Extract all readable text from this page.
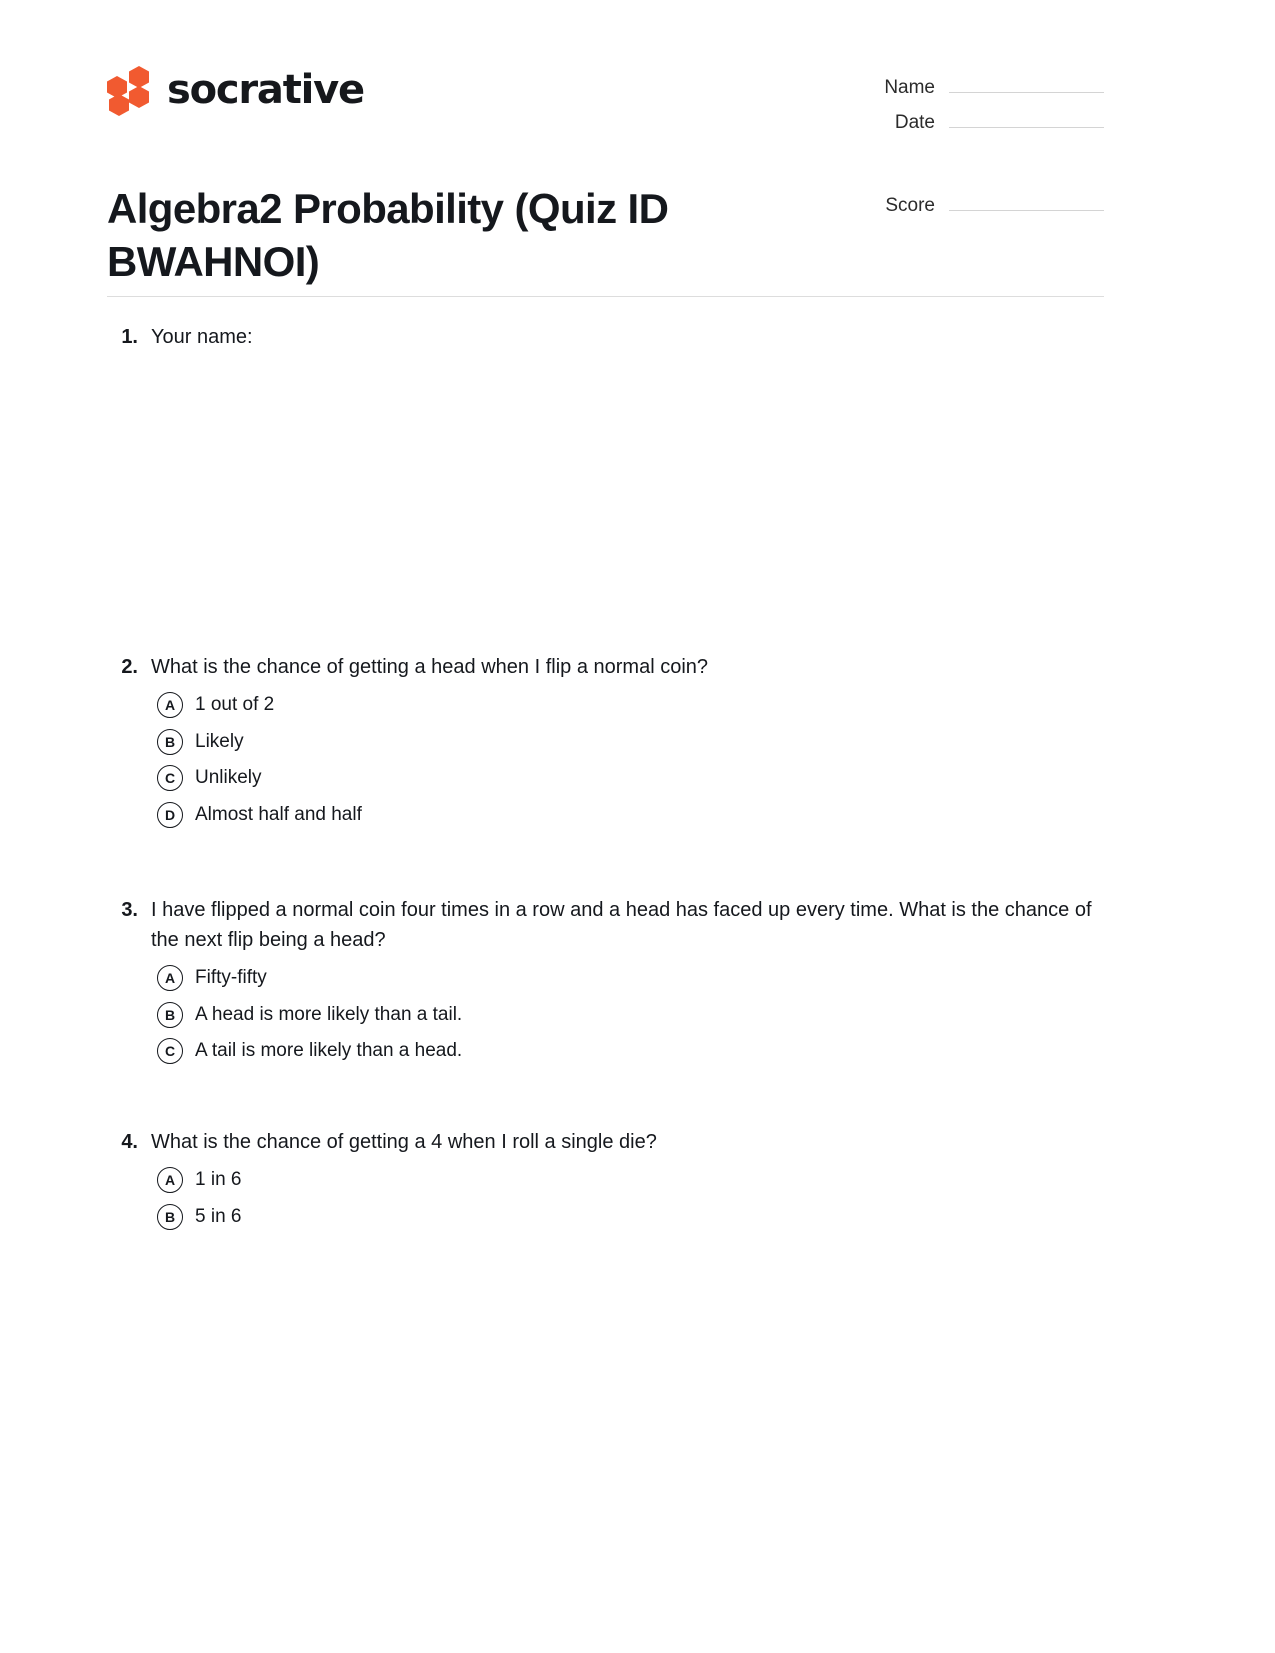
socrative	Name
Date
Score
Algebra2 Probability (Quiz ID BWAHNOI)
1. Your name:
2. What is the chance of getting a head when I flip a normal coin?
A	1 out of 2
B	Likely
C	Unlikely
D	Almost half and half
3. I have flipped a normal coin four times in a row and a head has faced up every time. What is the chance of the next flip being a head?
A	Fifty-fifty
B	A head is more likely than a tail.
C	A tail is more likely than a head.
4. What is the chance of getting a 4 when I roll a single die?
A	1 in 6
B	5 in 6
